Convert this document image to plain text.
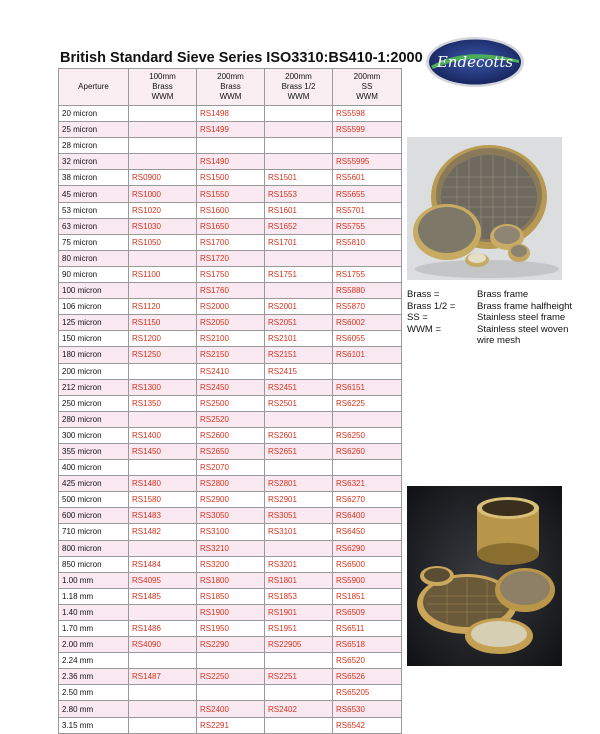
British Standard Sieve Series ISO3310:BS410-1:2000 Endecotts
Aperture	100mm
Brass
WWM	200mm
Brass
WWM	200mm
Brass 1/2
WWM	200mm
SS
WWM
20 micron		RS1498		RS5598
25 micron		RS1499		RS5599
28 micron				
32 micron		RS1490		RS55995
38 micron	RS0900	RS1500	RS1501	RS5601
45 micron	RS1000	RS1550	RS1553	RS5655
53 micron	RS1020	RS1600	RS1601	RS5701
63 micron	RS1030	RS1650	RS1652	RS5755
75 micron	RS1050	RS1700	RS1701	RS5810
80 micron		RS1720		
90 micron	RS1100	RS1750	RS1751	RS1755
100 micron		RS1760		RS5880
106 micron	RS1120	RS2000	RS2001	RS5870
125 micron	RS1150	RS2050	RS2051	RS6002
150 micron	RS1200	RS2100	RS2101	RS6055
180 micron	RS1250	RS2150	RS2151	RS6101
200 micron		RS2410	RS2415	
212 micron	RS1300	RS2450	RS2451	RS6151
250 micron	RS1350	RS2500	RS2501	RS6225
280 micron		RS2520		
300 micron	RS1400	RS2600	RS2601	RS6250
355 micron	RS1450	RS2650	RS2651	RS6260
400 micron		RS2070		
425 micron	RS1480	RS2800	RS2801	RS6321
500 micron	RS1580	RS2900	RS2901	RS6270
600 micron	RS1483	RS3050	RS3051	RS6400
710 micron	RS1482	RS3100	RS3101	RS6450
800 micron		RS3210		RS6290
850 micron	RS1484	RS3200	RS3201	RS6500
1.00 mm	RS4095	RS1800	RS1801	RS5900
1.18 mm	RS1485	RS1850	RS1853	RS1851
1.40 mm		RS1900	RS1901	RS6509
1.70 mm	RS1486	RS1950	RS1951	RS6511
2.00 mm	RS4090	RS2290	RS22905	RS6518
2.24 mm				RS6520
2.36 mm	RS1487	RS2250	RS2251	RS6526
2.50 mm				RS65205
2.80 mm		RS2400	RS2402	RS6530
3.15 mm		RS2291		RS6542
Brass =	Brass frame
Brass 1/2 =	Brass frame halfheight
SS =	Stainless steel frame
WWM =	Stainless steel woven wire mesh
